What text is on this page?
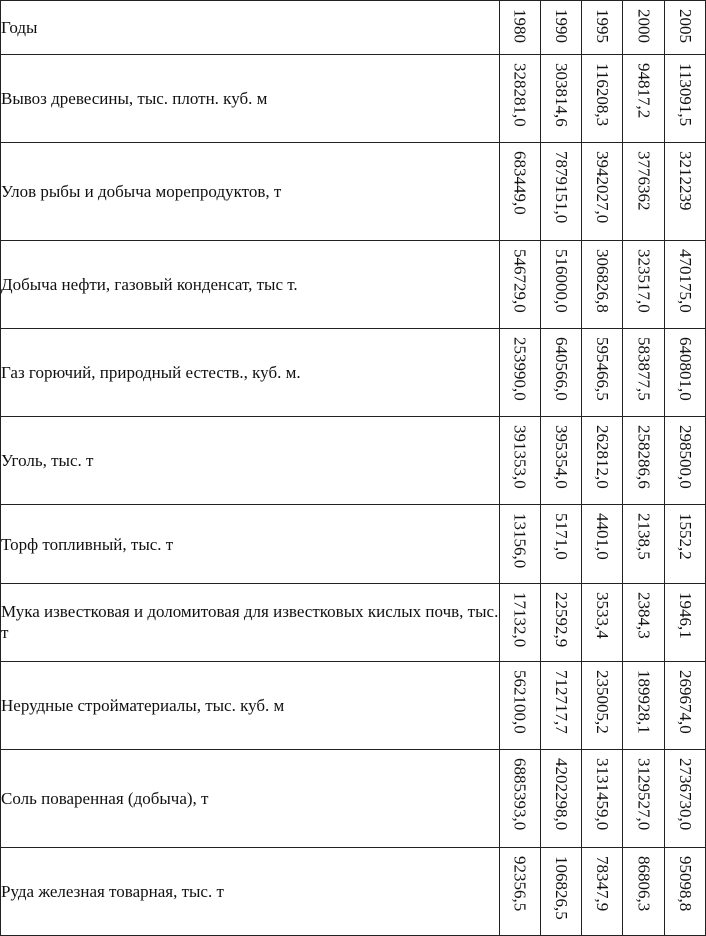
Годы	1980	1990	1995	2000	2005
Вывоз древесины, тыс. плотн. куб. м	328281,0	303814,6	116208,3	94817,2	113091,5
Улов рыбы и добыча морепродуктов, т	683449,0	7879151,0	3942027,0	3776362	3212239
Добыча нефти, газовый конденсат, тыс т.	546729,0	516000,0	306826,8	323517,0	470175,0
Газ горючий, природный естеств., куб. м.	253990,0	640566,0	595466,5	583877,5	640801,0
Уголь, тыс. т	391353,0	395354,0	262812,0	258286,6	298500,0
Торф топливный, тыс. т	13156,0	5171,0	4401,0	2138,5	1552,2
Мука известковая и доломитовая для известковых кислых почв, тыс. т	17132,0	22592,9	3533,4	2384,3	1946,1
Нерудные стройматериалы, тыс. куб. м	562100,0	712717,7	235005,2	189928,1	269674,0
Соль поваренная (добыча), т	6885393,0	4202298,0	3131459,0	3129527,0	2736730,0
Руда железная товарная, тыс. т	92356,5	106826,5	78347,9	86806,3	95098,8
